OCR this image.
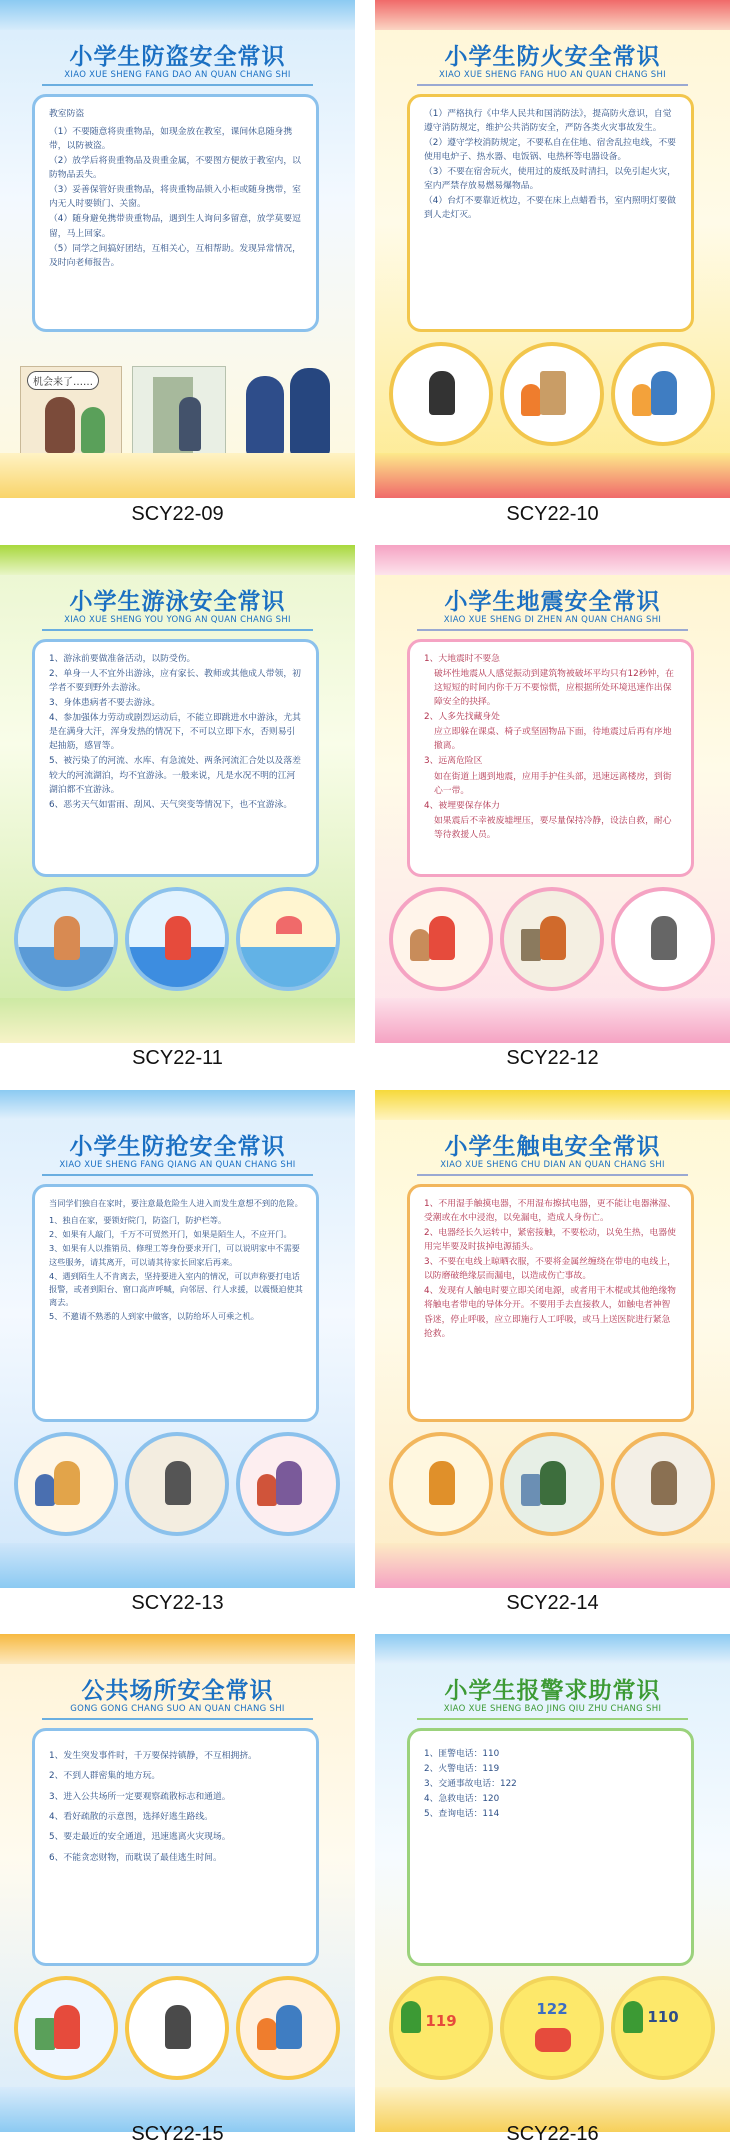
小学生防盗安全常识
XIAO XUE SHENG FANG DAO AN QUAN CHANG SHI

教室防盗

（1）不要随意将贵重物品，如现金放在教室，课间休息随身携带，以防被盗。

（2）放学后将贵重物品及贵重金属，不要图方便放于教室内，以防物品丢失。

（3）妥善保管好贵重物品，将贵重物品锁入小柜或随身携带，室内无人时要锁门、关窗。

（4）随身避免携带贵重物品，遇到生人询问多留意，放学莫要逗留，马上回家。

（5）同学之间搞好团结，互相关心，互相帮助。发现异常情况，及时向老师报告。

机会来了……
SCY22-09
小学生防火安全常识
XIAO XUE SHENG FANG HUO AN QUAN CHANG SHI

（1）严格执行《中华人民共和国消防法》，提高防火意识，自觉遵守消防规定，维护公共消防安全，严防各类火灾事故发生。

（2）遵守学校消防规定，不要私自在住地、宿舍乱拉电线，不要使用电炉子、热水器、电饭锅、电热杯等电器设备。

（3）不要在宿舍玩火，使用过的废纸及时清扫，以免引起火灾，室内严禁存放易燃易爆物品。

（4）台灯不要靠近枕边，不要在床上点蜡看书，室内照明灯要做到人走灯灭。

SCY22-10
小学生游泳安全常识
XIAO XUE SHENG YOU YONG AN QUAN CHANG SHI

1、游泳前要做准备活动，以防受伤。

2、单身一人不宜外出游泳，应有家长、教师或其他成人带领，初学者不要到野外去游泳。

3、身体患病者不要去游泳。

4、参加强体力劳动或剧烈运动后，不能立即跳进水中游泳，尤其是在满身大汗，浑身发热的情况下，不可以立即下水，否则易引起抽筋，感冒等。

5、被污染了的河流、水库、有急流处、两条河流汇合处以及落差较大的河流湖泊，均不宜游泳。一般来说，凡是水况不明的江河湖泊都不宜游泳。

6、恶劣天气如雷雨、刮风、天气突变等情况下，也不宜游泳。

SCY22-11
小学生地震安全常识
XIAO XUE SHENG DI ZHEN AN QUAN CHANG SHI

1、大地震时不要急

破坏性地震从人感觉振动到建筑物被破坏平均只有12秒钟，在这短短的时间内你千万不要惊慌，应根据所处环境迅速作出保障安全的抉择。

2、人多先找藏身处

应立即躲在课桌、椅子或坚固物品下面，待地震过后再有序地撤离。

3、远离危险区

如在街道上遇到地震，应用手护住头部，迅速远离楼房，到街心一带。

4、被埋要保存体力

如果震后不幸被废墟埋压，要尽量保持冷静，设法自救，耐心等待救援人员。

SCY22-12
小学生防抢安全常识
XIAO XUE SHENG FANG QIANG AN QUAN CHANG SHI

当同学们独自在家时，要注意最危险生人进入而发生意想不到的危险。

1、独自在家，要锁好院门，防盗门，防护栏等。

2、如果有人敲门，千万不可贸然开门，如果是陌生人，不应开门。

3、如果有人以推销员、修理工等身份要求开门，可以说明家中不需要这些服务，请其离开，可以请其待家长回家后再来。

4、遇到陌生人不肯离去，坚持要进入室内的情况，可以声称要打电话报警，或者到阳台、窗口高声呼喊，向邻居、行人求援，以震慑迫使其离去。

5、不邀请不熟悉的人到家中做客，以防给坏人可乘之机。

SCY22-13
小学生触电安全常识
XIAO XUE SHENG CHU DIAN AN QUAN CHANG SHI

1、不用湿手触摸电器，不用湿布擦拭电器，更不能让电器淋湿、受潮或在水中浸泡，以免漏电，造成人身伤亡。

2、电器经长久运转中，紧密接触，不要松动，以免生热，电器使用完毕要及时拔掉电源插头。

3、不要在电线上晾晒衣服，不要将金属丝缠绕在带电的电线上，以防磨破绝缘层而漏电，以造成伤亡事故。

4、发现有人触电时要立即关闭电源，或者用干木棍或其他绝缘物将触电者带电的导体分开。不要用手去直接救人，如触电者神智昏迷，停止呼吸，应立即施行人工呼吸，或马上送医院进行紧急抢救。

SCY22-14
公共场所安全常识
GONG GONG CHANG SUO AN QUAN CHANG SHI

1、发生突发事件时，千万要保持镇静，不互相拥挤。

2、不到人群密集的地方玩。

3、进入公共场所一定要观察疏散标志和通道。

4、看好疏散的示意图，选择好逃生路线。

5、要走最近的安全通道，迅速逃离火灾现场。

6、不能贪恋财物，而耽误了最佳逃生时间。

SCY22-15
小学生报警求助常识
XIAO XUE SHENG BAO JING QIU ZHU CHANG SHI

1、匪警电话：110

2、火警电话：119

3、交通事故电话：122

4、急救电话：120

5、查询电话：114

119
122	110
SCY22-16
